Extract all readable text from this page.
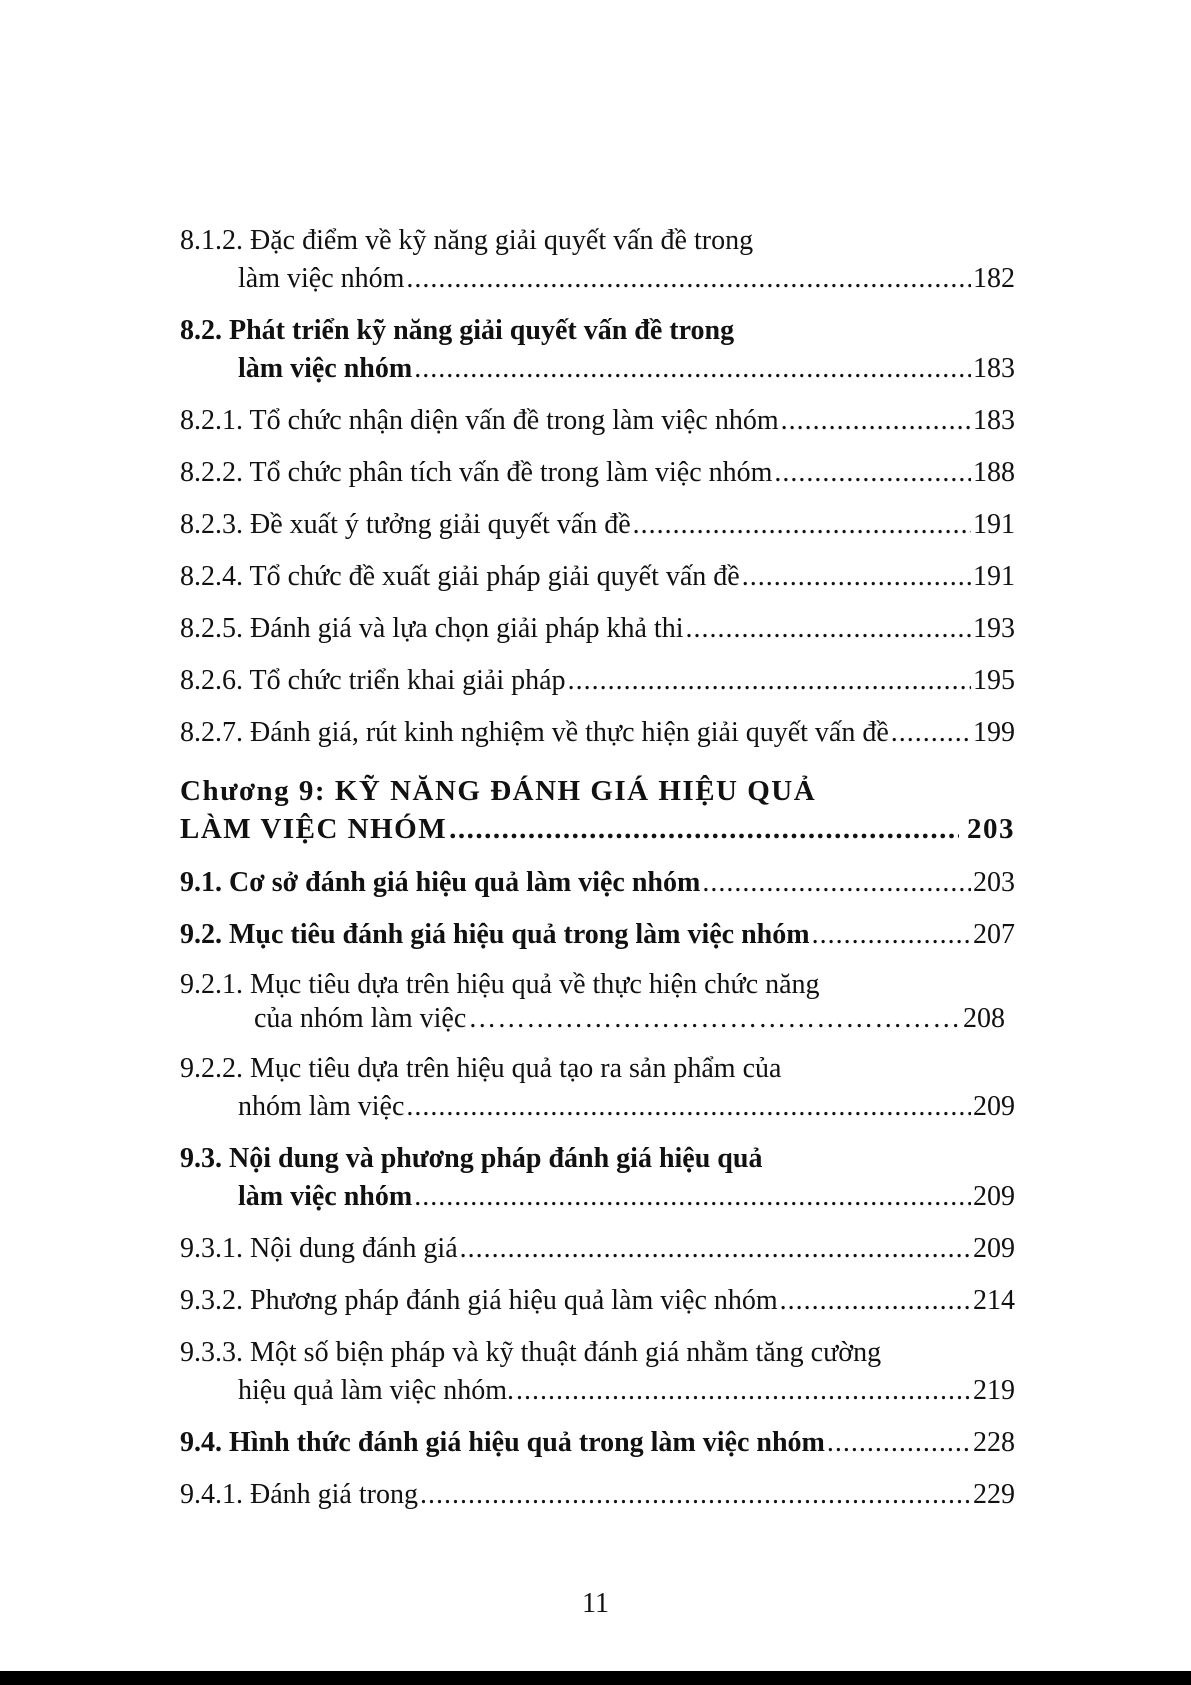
8.1.2. Đặc điểm về kỹ năng giải quyết vấn đề trong
làm việc nhóm .....	182
8.2. Phát triển kỹ năng giải quyết vấn đề trong
làm việc nhóm .....	183
8.2.1. Tổ chức nhận diện vấn đề trong làm việc nhóm .....	183
8.2.2. Tổ chức phân tích vấn đề trong làm việc nhóm .....	188
8.2.3. Đề xuất ý tưởng giải quyết vấn đề .....	191
8.2.4. Tổ chức đề xuất giải pháp giải quyết vấn đề .....	191
8.2.5. Đánh giá và lựa chọn giải pháp khả thi .....	193
8.2.6. Tổ chức triển khai giải pháp .....	195
8.2.7. Đánh giá, rút kinh nghiệm về thực hiện giải quyết vấn đề .....	199
Chương 9: KỸ NĂNG ĐÁNH GIÁ HIỆU QUẢ
LÀM VIỆC NHÓM .....	203
9.1. Cơ sở đánh giá hiệu quả làm việc nhóm .....	203
9.2. Mục tiêu đánh giá hiệu quả trong làm việc nhóm .....	207
9.2.1. Mục tiêu dựa trên hiệu quả về thực hiện chức năng
của nhóm làm việc ……………………………………………………..	208
9.2.2. Mục tiêu dựa trên hiệu quả tạo ra sản phẩm của
nhóm làm việc .....	209
9.3. Nội dung và phương pháp đánh giá hiệu quả
làm việc nhóm .....	209
9.3.1. Nội dung đánh giá .....	209
9.3.2. Phương pháp đánh giá hiệu quả làm việc nhóm .....	214
9.3.3. Một số biện pháp và kỹ thuật đánh giá nhằm tăng cường
hiệu quả làm việc nhóm. .....	219
9.4. Hình thức đánh giá hiệu quả trong làm việc nhóm .....	228
9.4.1. Đánh giá trong .....	229
11
